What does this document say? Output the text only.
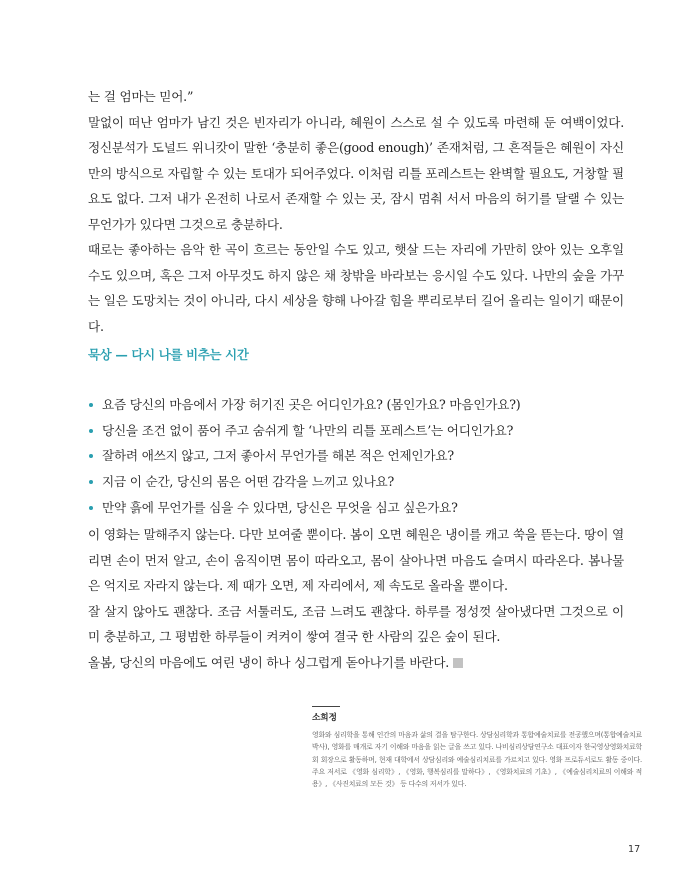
는 걸 엄마는 믿어.”

말없이 떠난 엄마가 남긴 것은 빈자리가 아니라, 혜원이 스스로 설 수 있도록 마련해 둔 여백이었다. 정신분석가 도널드 위니캇이 말한 ‘충분히 좋은(good enough)’ 존재처럼, 그 흔적들은 혜원이 자신만의 방식으로 자립할 수 있는 토대가 되어주었다. 이처럼 리틀 포레스트는 완벽할 필요도, 거창할 필요도 없다. 그저 내가 온전히 나로서 존재할 수 있는 곳, 잠시 멈춰 서서 마음의 허기를 달랠 수 있는 무언가가 있다면 그것으로 충분하다.

때로는 좋아하는 음악 한 곡이 흐르는 동안일 수도 있고, 햇살 드는 자리에 가만히 앉아 있는 오후일 수도 있으며, 혹은 그저 아무것도 하지 않은 채 창밖을 바라보는 응시일 수도 있다. 나만의 숲을 가꾸는 일은 도망치는 것이 아니라, 다시 세상을 향해 나아갈 힘을 뿌리로부터 길어 올리는 일이기 때문이다.

묵상 — 다시 나를 비추는 시간
요즘 당신의 마음에서 가장 허기진 곳은 어디인가요? (몸인가요? 마음인가요?)
당신을 조건 없이 품어 주고 숨쉬게 할 ‘나만의 리틀 포레스트’는 어디인가요?
잘하려 애쓰지 않고, 그저 좋아서 무언가를 해본 적은 언제인가요?
지금 이 순간, 당신의 몸은 어떤 감각을 느끼고 있나요?
만약 흙에 무언가를 심을 수 있다면, 당신은 무엇을 심고 싶은가요?

이 영화는 말해주지 않는다. 다만 보여줄 뿐이다. 봄이 오면 혜원은 냉이를 캐고 쑥을 뜯는다. 땅이 열리면 손이 먼저 알고, 손이 움직이면 몸이 따라오고, 몸이 살아나면 마음도 슬며시 따라온다. 봄나물은 억지로 자라지 않는다. 제 때가 오면, 제 자리에서, 제 속도로 올라올 뿐이다.

잘 살지 않아도 괜찮다. 조금 서툴러도, 조금 느려도 괜찮다. 하루를 정성껏 살아냈다면 그것으로 이미 충분하고, 그 평범한 하루들이 켜켜이 쌓여 결국 한 사람의 깊은 숲이 된다.

올봄, 당신의 마음에도 여린 냉이 하나 싱그럽게 돋아나기를 바란다.

소희정

영화와 심리학을 통해 인간의 마음과 삶의 결을 탐구한다. 상담심리학과 통합예술치료를 전공했으며(통합예술치료 박사), 영화를 매개로 자기 이해와 마음을 읽는 글을 쓰고 있다. 나비심리상담연구소 대표이자 한국영상영화치료학회 회장으로 활동하며, 현재 대학에서 상담심리와 예술심리치료를 가르치고 있다. 영화 프로듀서로도 활동 중이다. 주요 저서로 《영화 심리학》, 《영화, 행복심리를 말하다》, 《영화치료의 기초》, 《예술심리치료의 이해와 적용》, 《사진치료의 모든 것》 등 다수의 저서가 있다.

17
